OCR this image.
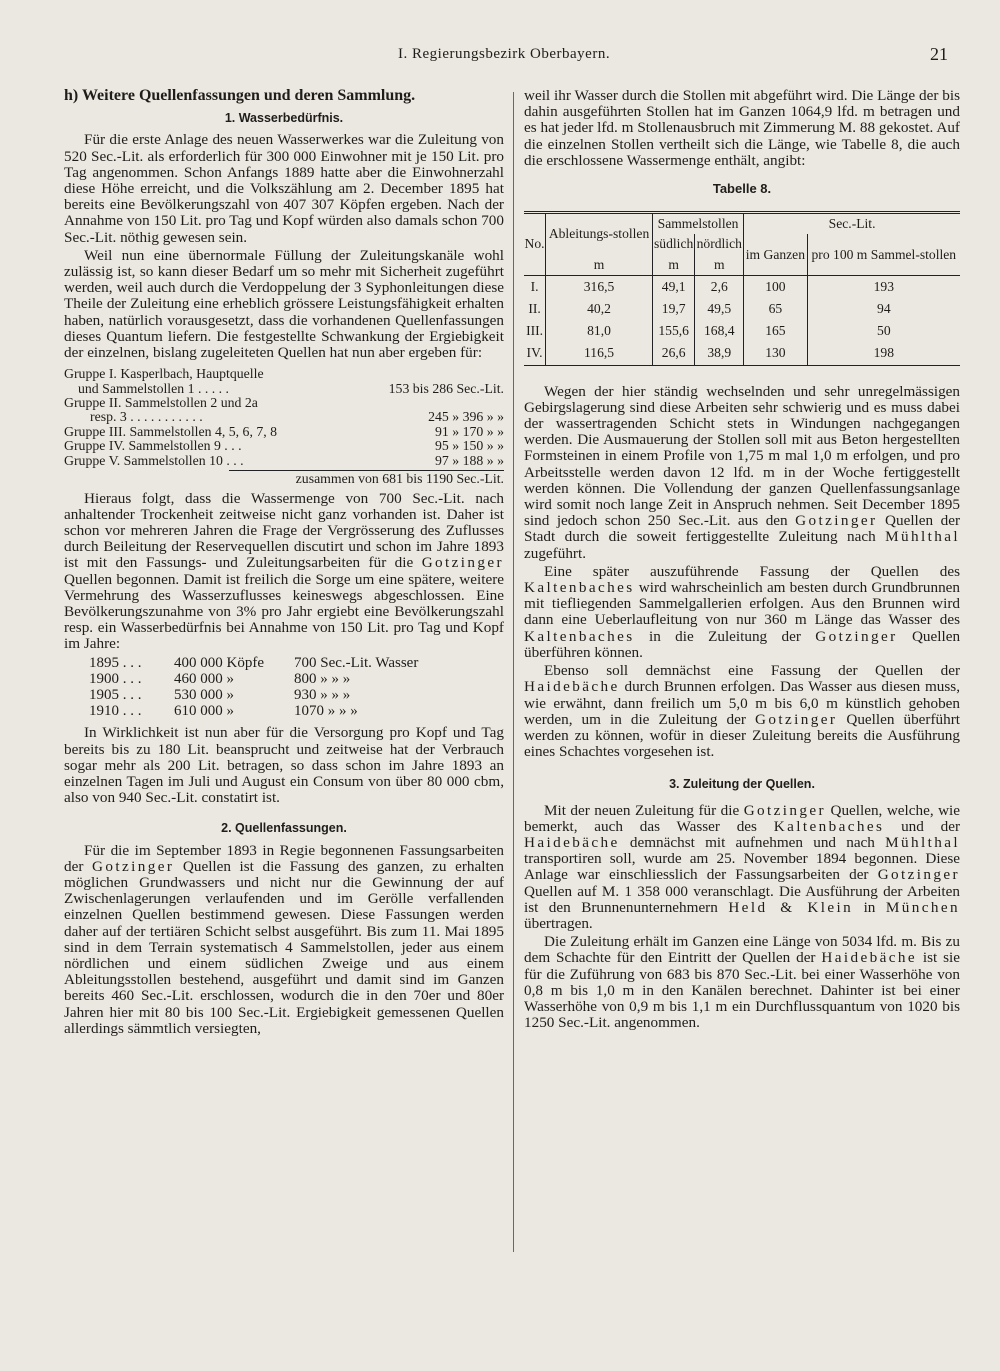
I. Regierungsbezirk Oberbayern.	21
h) Weitere Quellenfassungen und deren Sammlung.
1. Wasserbedürfnis.

Für die erste Anlage des neuen Wasserwerkes war die Zuleitung von 520 Sec.-Lit. als erforderlich für 300 000 Einwohner mit je 150 Lit. pro Tag angenommen. Schon Anfangs 1889 hatte aber die Einwohnerzahl diese Höhe erreicht, und die Volkszählung am 2. December 1895 hat bereits eine Bevölkerungszahl von 407 307 Köpfen ergeben. Nach der Annahme von 150 Lit. pro Tag und Kopf würden also damals schon 700 Sec.-Lit. nöthig gewesen sein.

Weil nun eine übernormale Füllung der Zuleitungskanäle wohl zulässig ist, so kann dieser Bedarf um so mehr mit Sicherheit zugeführt werden, weil auch durch die Verdoppelung der 3 Syphonleitungen diese Theile der Zuleitung eine erheblich grössere Leistungsfähigkeit erhalten haben, natürlich vorausgesetzt, dass die vorhandenen Quellenfassungen dieses Quantum liefern. Die festgestellte Schwankung der Ergiebigkeit der einzelnen, bislang zugeleiteten Quellen hat nun aber ergeben für:

Gruppe I. Kasperlbach, Hauptquelle
und Sammelstollen 1 . . . . .	153 bis 286 Sec.-Lit.
Gruppe II. Sammelstollen 2 und 2a
resp. 3 . . . . . . . . . . .	245 » 396 » »
Gruppe III. Sammelstollen 4, 5, 6, 7, 8	91 » 170 » »
Gruppe IV. Sammelstollen 9 . . .	95 » 150 » »
Gruppe V. Sammelstollen 10 . . .	97 » 188 » »
zusammen von 681 bis 1190 Sec.-Lit.

Hieraus folgt, dass die Wassermenge von 700 Sec.-Lit. nach anhaltender Trockenheit zeitweise nicht ganz vorhanden ist. Daher ist schon vor mehreren Jahren die Frage der Vergrösserung des Zuflusses durch Beileitung der Reservequellen discutirt und schon im Jahre 1893 ist mit den Fassungs- und Zuleitungsarbeiten für die Gotzinger Quellen begonnen. Damit ist freilich die Sorge um eine spätere, weitere Vermehrung des Wasserzuflusses keineswegs abgeschlossen. Eine Bevölkerungszunahme von 3% pro Jahr ergiebt eine Bevölkerungszahl resp. ein Wasserbedürfnis bei Annahme von 150 Lit. pro Tag und Kopf im Jahre:

1895 . . .	400 000 Köpfe	700 Sec.-Lit. Wasser
1900 . . .	460 000 »	800 » » »
1905 . . .	530 000 »	930 » » »
1910 . . .	610 000 »	1070 » » »

In Wirklichkeit ist nun aber für die Versorgung pro Kopf und Tag bereits bis zu 180 Lit. beansprucht und zeitweise hat der Verbrauch sogar mehr als 200 Lit. betragen, so dass schon im Jahre 1893 an einzelnen Tagen im Juli und August ein Consum von über 80 000 cbm, also von 940 Sec.-Lit. constatirt ist.

2. Quellenfassungen.

Für die im September 1893 in Regie begonnenen Fassungsarbeiten der Gotzinger Quellen ist die Fassung des ganzen, zu erhalten möglichen Grundwassers und nicht nur die Gewinnung der auf Zwischenlagerungen verlaufenden und im Gerölle verfallenden einzelnen Quellen bestimmend gewesen. Diese Fassungen werden daher auf der tertiären Schicht selbst ausgeführt. Bis zum 11. Mai 1895 sind in dem Terrain systematisch 4 Sammelstollen, jeder aus einem nördlichen und einem südlichen Zweige und aus einem Ableitungsstollen bestehend, ausgeführt und damit sind im Ganzen bereits 460 Sec.-Lit. erschlossen, wodurch die in den 70er und 80er Jahren hier mit 80 bis 100 Sec.-Lit. Ergiebigkeit gemessenen Quellen allerdings sämmtlich versiegten,

weil ihr Wasser durch die Stollen mit abgeführt wird. Die Länge der bis dahin ausgeführten Stollen hat im Ganzen 1064,9 lfd. m betragen und es hat jeder lfd. m Stollenausbruch mit Zimmerung M. 88 gekostet. Auf die einzelnen Stollen vertheilt sich die Länge, wie Tabelle 8, die auch die erschlossene Wassermenge enthält, angibt:

Tabelle 8.
No.	Ableitungs-stollen	Sammelstollen		Sec.-Lit.	
		südlich	nördlich	im Ganzen	pro 100 m Sammel-stollen
	m	m	m		
I.	316,5	49,1	2,6	100	193
II.	40,2	19,7	49,5	65	94
III.	81,0	155,6	168,4	165	50
IV.	116,5	26,6	38,9	130	198

Wegen der hier ständig wechselnden und sehr unregelmässigen Gebirgslagerung sind diese Arbeiten sehr schwierig und es muss dabei der wassertragenden Schicht stets in Windungen nachgegangen werden. Die Ausmauerung der Stollen soll mit aus Beton hergestellten Formsteinen in einem Profile von 1,75 m mal 1,0 m erfolgen, und pro Arbeitsstelle werden davon 12 lfd. m in der Woche fertiggestellt werden können. Die Vollendung der ganzen Quellenfassungsanlage wird somit noch lange Zeit in Anspruch nehmen. Seit December 1895 sind jedoch schon 250 Sec.-Lit. aus den Gotzinger Quellen der Stadt durch die soweit fertiggestellte Zuleitung nach Mühlthal zugeführt.

Eine später auszuführende Fassung der Quellen des Kaltenbaches wird wahrscheinlich am besten durch Grundbrunnen mit tiefliegenden Sammelgallerien erfolgen. Aus den Brunnen wird dann eine Ueberlaufleitung von nur 360 m Länge das Wasser des Kaltenbaches in die Zuleitung der Gotzinger Quellen überführen können.

Ebenso soll demnächst eine Fassung der Quellen der Haidebäche durch Brunnen erfolgen. Das Wasser aus diesen muss, wie erwähnt, dann freilich um 5,0 m bis 6,0 m künstlich gehoben werden, um in die Zuleitung der Gotzinger Quellen überführt werden zu können, wofür in dieser Zuleitung bereits die Ausführung eines Schachtes vorgesehen ist.

3. Zuleitung der Quellen.

Mit der neuen Zuleitung für die Gotzinger Quellen, welche, wie bemerkt, auch das Wasser des Kaltenbaches und der Haidebäche demnächst mit aufnehmen und nach Mühlthal transportiren soll, wurde am 25. November 1894 begonnen. Diese Anlage war einschliesslich der Fassungsarbeiten der Gotzinger Quellen auf M. 1 358 000 veranschlagt. Die Ausführung der Arbeiten ist den Brunnenunternehmern Held & Klein in München übertragen.

Die Zuleitung erhält im Ganzen eine Länge von 5034 lfd. m. Bis zu dem Schachte für den Eintritt der Quellen der Haidebäche ist sie für die Zuführung von 683 bis 870 Sec.-Lit. bei einer Wasserhöhe von 0,8 m bis 1,0 m in den Kanälen berechnet. Dahinter ist bei einer Wasserhöhe von 0,9 m bis 1,1 m ein Durchflussquantum von 1020 bis 1250 Sec.-Lit. angenommen.
